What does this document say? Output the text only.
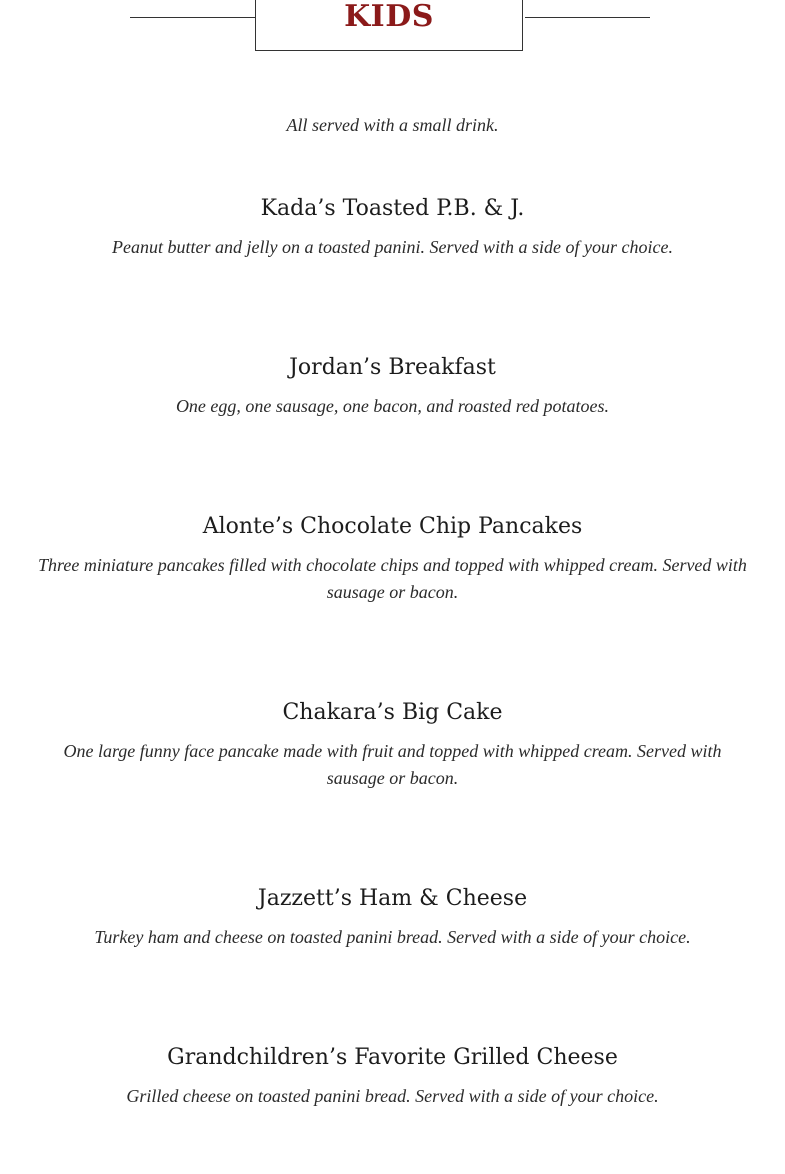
KIDS
All served with a small drink.
Kada’s Toasted P.B. & J.
Peanut butter and jelly on a toasted panini. Served with a side of your choice.
Jordan’s Breakfast
One egg, one sausage, one bacon, and roasted red potatoes.
Alonte’s Chocolate Chip Pancakes
Three miniature pancakes filled with chocolate chips and topped with whipped cream. Served with sausage or bacon.
Chakara’s Big Cake
One large funny face pancake made with fruit and topped with whipped cream. Served with sausage or bacon.
Jazzett’s Ham & Cheese
Turkey ham and cheese on toasted panini bread. Served with a side of your choice.
Grandchildren’s Favorite Grilled Cheese
Grilled cheese on toasted panini bread. Served with a side of your choice.
